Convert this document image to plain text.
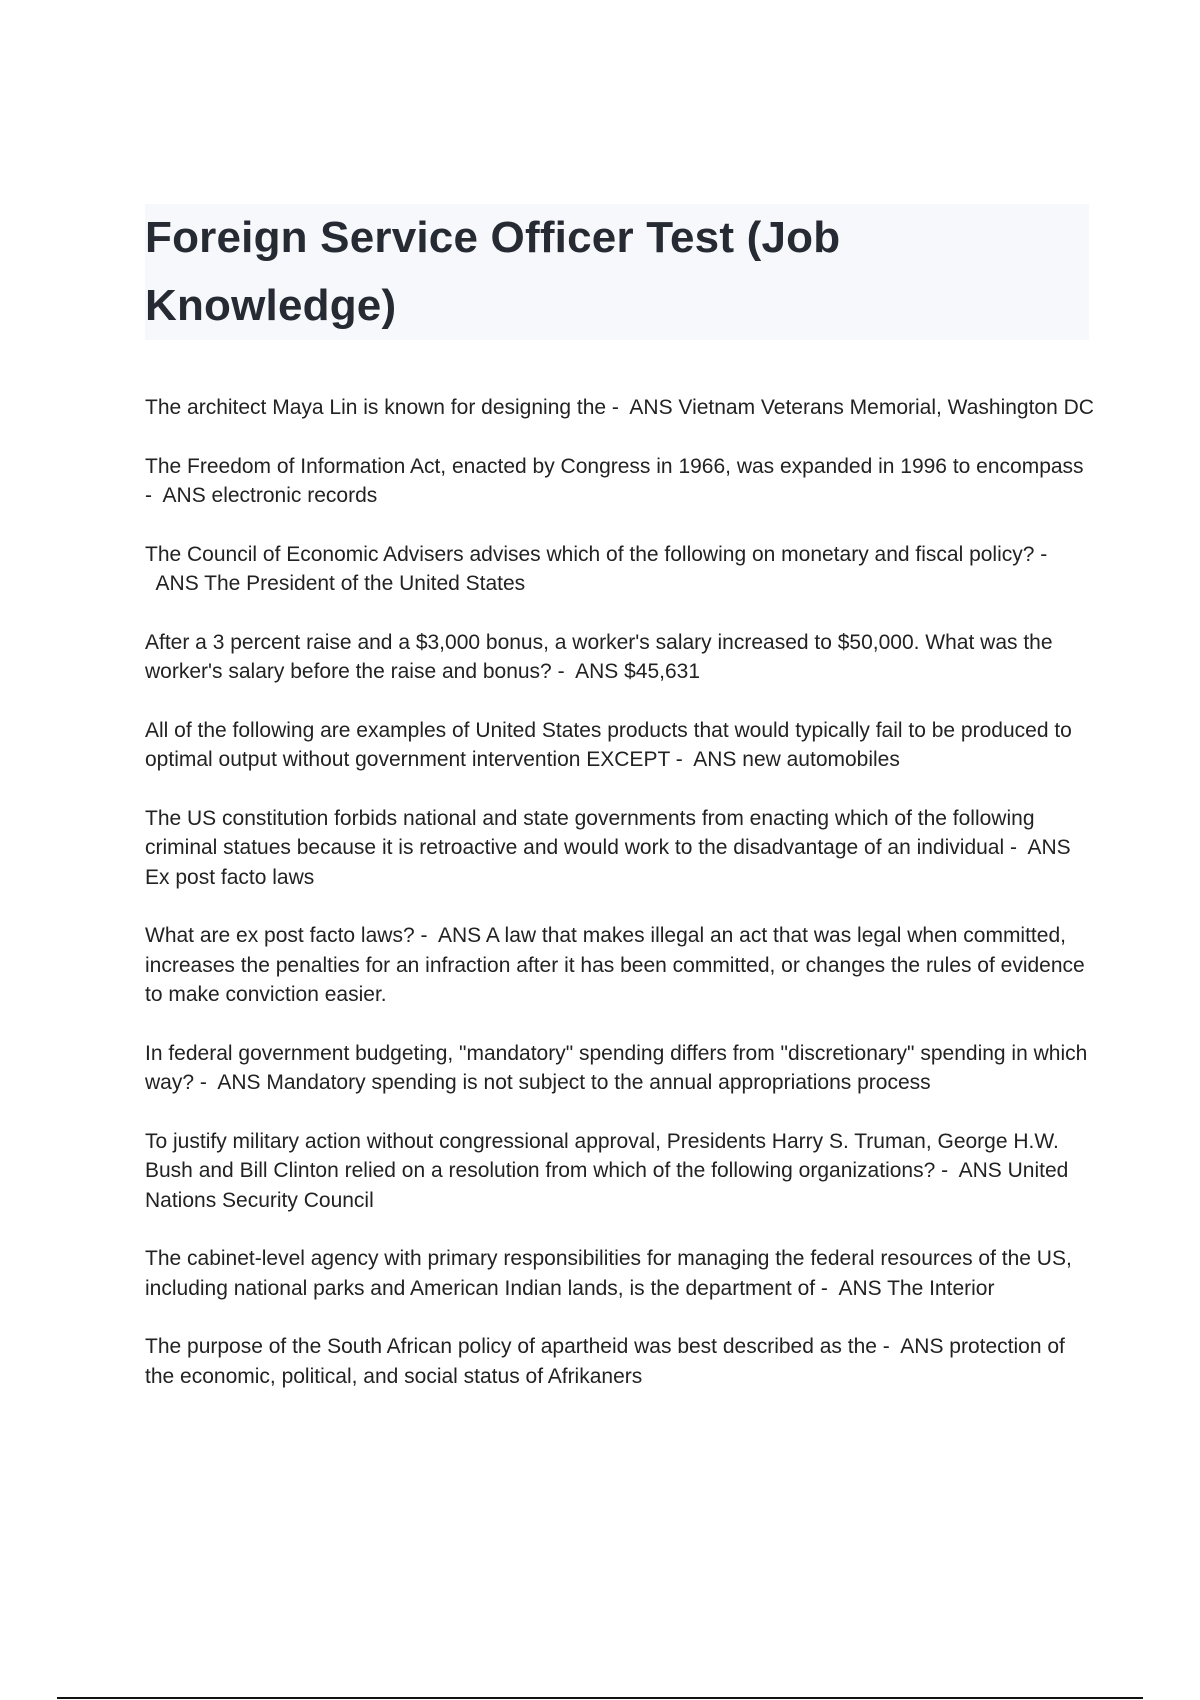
Foreign Service Officer Test (Job Knowledge)

The architect Maya Lin is known for designing the - ANS Vietnam Veterans Memorial, Washington DC

The Freedom of Information Act, enacted by Congress in 1966, was expanded in 1996 to encompass - ANS electronic records

The Council of Economic Advisers advises which of the following on monetary and fiscal policy? -  ANS The President of the United States

After a 3 percent raise and a $3,000 bonus, a worker's salary increased to $50,000. What was the worker's salary before the raise and bonus? - ANS $45,631

All of the following are examples of United States products that would typically fail to be produced to optimal output without government intervention EXCEPT - ANS new automobiles

The US constitution forbids national and state governments from enacting which of the following criminal statues because it is retroactive and would work to the disadvantage of an individual - ANS Ex post facto laws

What are ex post facto laws? - ANS A law that makes illegal an act that was legal when committed, increases the penalties for an infraction after it has been committed, or changes the rules of evidence to make conviction easier.

In federal government budgeting, "mandatory" spending differs from "discretionary" spending in which way? - ANS Mandatory spending is not subject to the annual appropriations process

To justify military action without congressional approval, Presidents Harry S. Truman, George H.W. Bush and Bill Clinton relied on a resolution from which of the following organizations? - ANS United Nations Security Council

The cabinet-level agency with primary responsibilities for managing the federal resources of the US, including national parks and American Indian lands, is the department of - ANS The Interior

The purpose of the South African policy of apartheid was best described as the - ANS protection of the economic, political, and social status of Afrikaners
